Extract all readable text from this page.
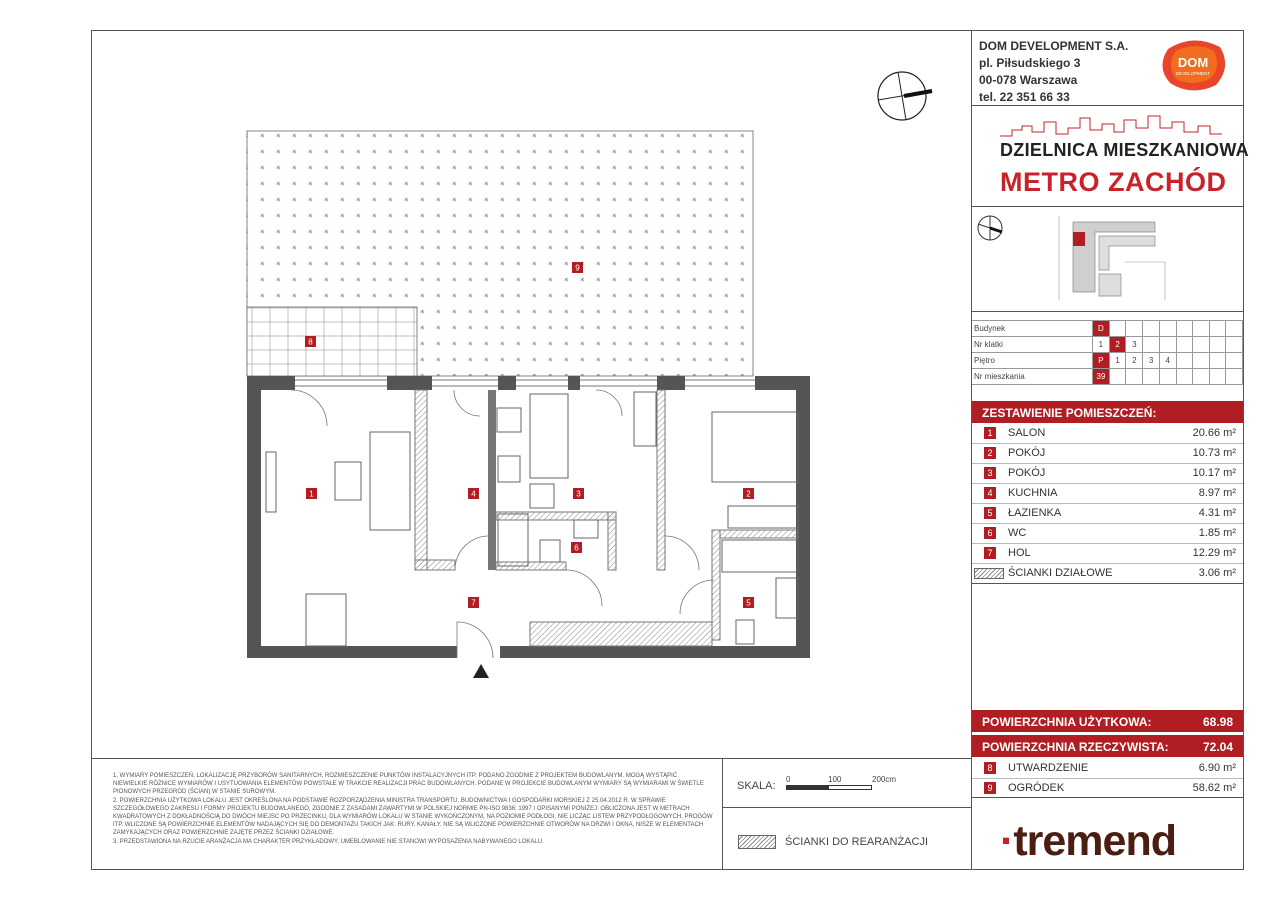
DOM DEVELOPMENT S.A.
pl. Piłsudskiego 3
00-078 Warszawa
tel. 22 351 66 33
DOM
DEVELOPMENT
DZIELNICA MIESZKANIOWA
METRO ZACHÓD
Budynek	D								
Nr klatki	1	2	3						
Piętro	P	1	2	3	4				
Nr mieszkania	39								
ZESTAWIENIE POMIESZCZEŃ:
1	SALON	20.66 m²
2	POKÓJ	10.73 m²
3	POKÓJ	10.17 m²
4	KUCHNIA	8.97 m²
5	ŁAZIENKA	4.31 m²
6	WC	1.85 m²
7	HOL	12.29 m²
ŚCIANKI DZIAŁOWE	3.06 m²
POWIERZCHNIA UŻYTKOWA:	68.98
POWIERZCHNIA RZECZYWISTA:	72.04
8	UTWARDZENIE	6.90 m²
9	OGRÓDEK	58.62 m²
1. WYMIARY POMIESZCZEŃ, LOKALIZACJĘ PRZYBORÓW SANITARNYCH, ROZMIESZCZENIE PUNKTÓW INSTALACYJNYCH ITP. PODANO ZGODNIE Z PROJEKTEM BUDOWLANYM. MOGĄ WYSTĄPIĆ NIEWIELKIE RÓŻNICE WYMIARÓW I USYTUOWANIA ELEMENTÓW POWSTAŁE W TRAKCIE REALIZACJI PRAC BUDOWLANYCH. PODANE W PROJEKCIE BUDOWLANYM WYMIARY SĄ WYMIARAMI W ŚWIETLE PIONOWYCH PRZEGRÓD (ŚCIAN) W STANIE SUROWYM.
2. POWIERZCHNIA UŻYTKOWA LOKALU JEST OKREŚLONA NA PODSTAWIE ROZPORZĄDZENIA MINISTRA TRANSPORTU, BUDOWNICTWA I GOSPODARKI MORSKIEJ Z 25.04.2012 R. W SPRAWIE SZCZEGÓŁOWEGO ZAKRESU I FORMY PROJEKTU BUDOWLANEGO, ZGODNIE Z ZASADAMI ZAWARTYMI W POLSKIEJ NORMIE PN-ISO 9836: 1997 I OPISANYMI PONIŻEJ: OBLICZONA JEST W METRACH KWADRATOWYCH Z DOKŁADNOŚCIĄ DO DWÓCH MIEJSC PO PRZECINKU, DLA WYMIARÓW LOKALU W STANIE WYKOŃCZONYM, NA POZIOMIE PODŁOGI, NIE LICZĄC LISTEW PRZYPODŁOGOWYCH, PROGÓW ITP. WLICZONE SĄ POWIERZCHNIE ELEMENTÓW NADAJĄCYCH SIĘ DO DEMONTAŻU TAKICH JAK: RURY, KANAŁY. NIE SĄ WLICZONE POWIERZCHNIE OTWORÓW NA DRZWI I OKNA, NISZE W ELEMENTACH ZAMYKAJĄCYCH ORAZ POWIERZCHNIE ZAJĘTE PRZEZ ŚCIANKI DZIAŁOWE.
3. PRZEDSTAWIONA NA RZUCIE ARANŻACJA MA CHARAKTER PRZYKŁADOWY, UMEBLOWANIE NIE STANOWI WYPOSAŻENIA NABYWANEGO LOKALU.
SKALA:
0	100	200cm
ŚCIANKI DO REARANŻACJI ·tremend
9
8
1	4	3	2
6
7	5
